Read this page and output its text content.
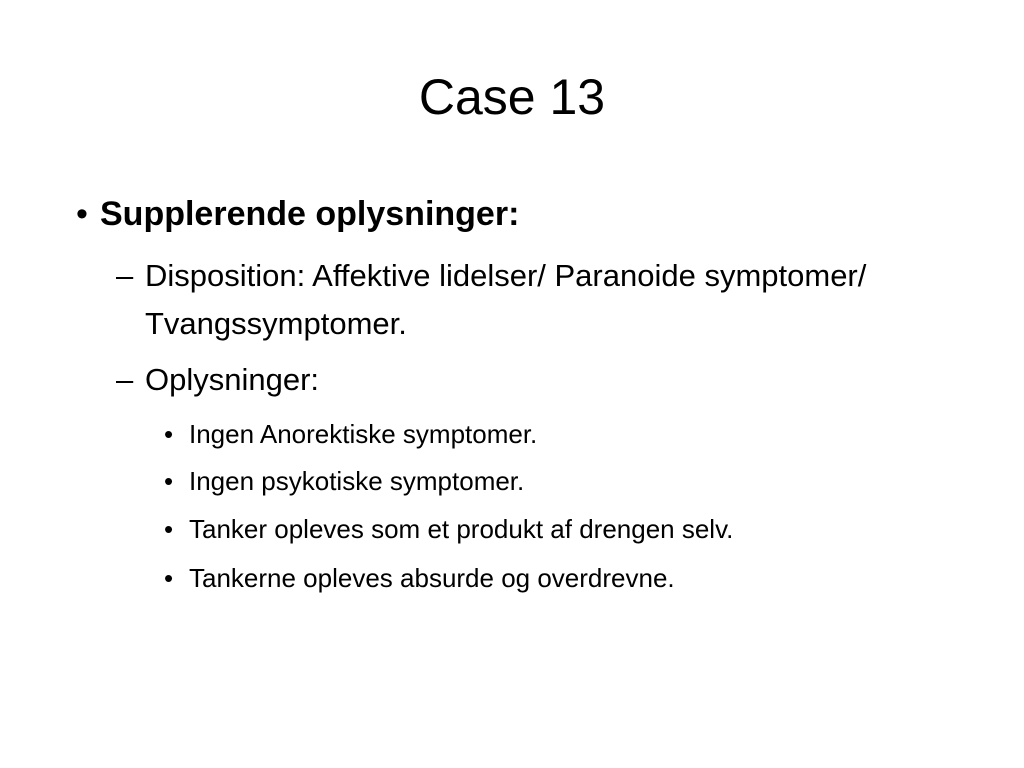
Case 13
• Supplerende oplysninger:
– Disposition: Affektive lidelser/ Paranoide symptomer/ Tvangssymptomer.
– Oplysninger:
• Ingen Anorektiske symptomer.
• Ingen psykotiske symptomer.
• Tanker opleves som et produkt af drengen selv.
• Tankerne opleves absurde og overdrevne.
